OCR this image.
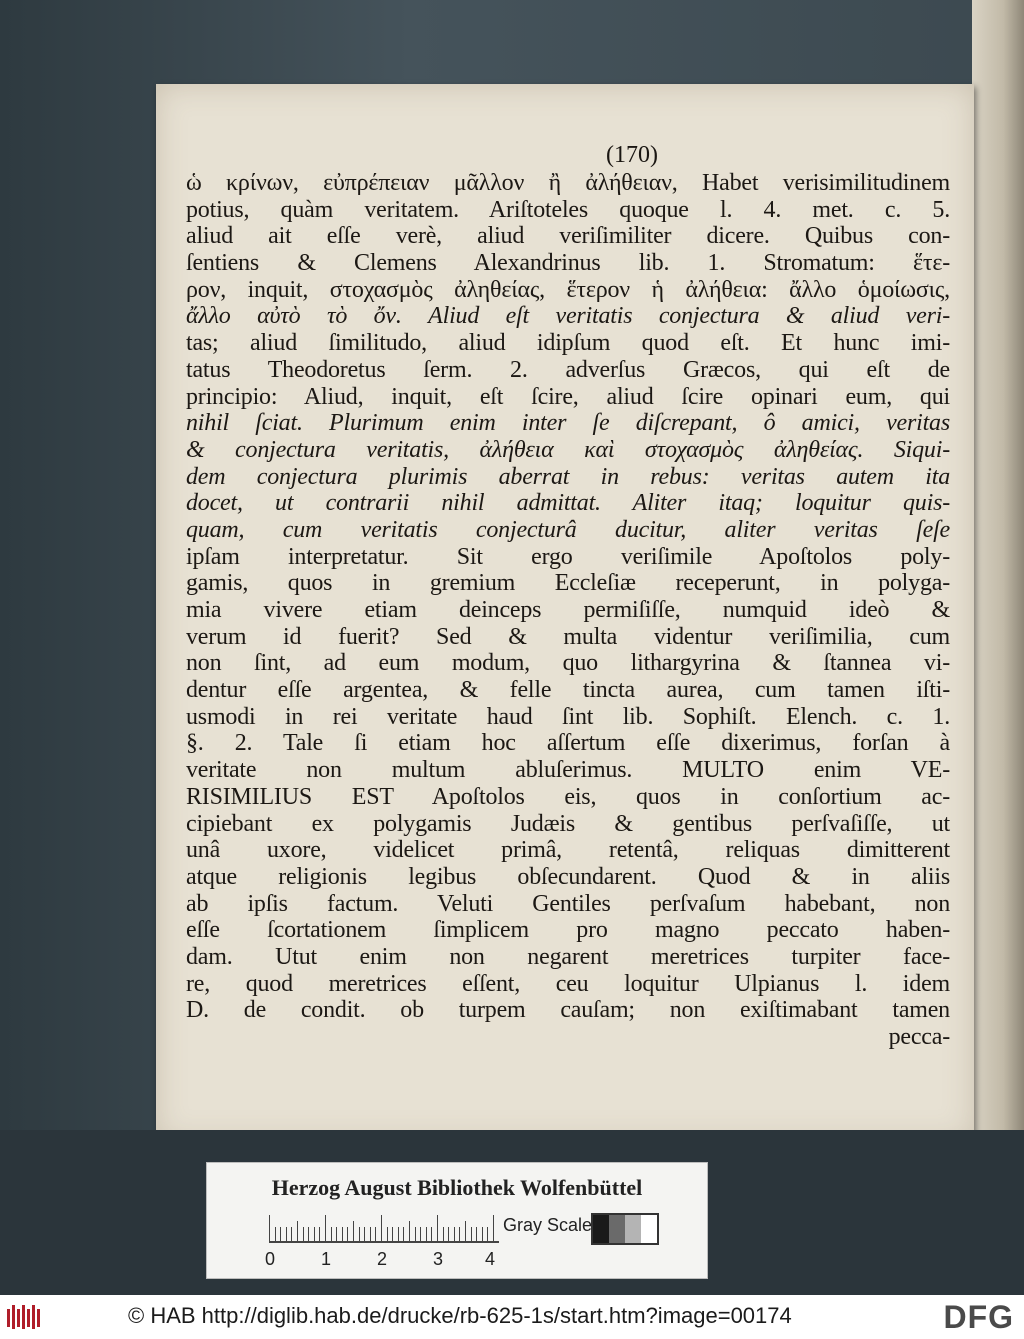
(170)
ὡ κρίνων, εὐπρέπειαν μᾶλλον ἢ ἀλήθειαν, Habet verisimilitudinem
potius, quàm veritatem. Ariſtoteles quoque l. 4. met. c. 5.
aliud ait eſſe verè, aliud veriſimiliter dicere. Quibus con-
ſentiens & Clemens Alexandrinus lib. 1. Stromatum: ἕτε-
ρον, inquit, στοχασμὸς ἀληθείας, ἕτερον ἡ ἀλήθεια: ἄλλο ὁμοίωσις,
ἄλλο αὐτὸ τὸ ὄν. Aliud eſt veritatis conjectura & aliud veri-
tas; aliud ſimilitudo, aliud idipſum quod eſt. Et hunc imi-
tatus Theodoretus ſerm. 2. adverſus Græcos, qui eſt de
principio: Aliud, inquit, eſt ſcire, aliud ſcire opinari eum, qui
nihil ſciat. Plurimum enim inter ſe diſcrepant, ô amici, veritas
& conjectura veritatis, ἀλήθεια καὶ στοχασμὸς ἀληθείας. Siqui-
dem conjectura plurimis aberrat in rebus: veritas autem ita
docet, ut contrarii nihil admittat. Aliter itaq; loquitur quis-
quam, cum veritatis conjecturâ ducitur, aliter veritas ſeſe
ipſam interpretatur. Sit ergo veriſimile Apoſtolos poly-
gamis, quos in gremium Eccleſiæ receperunt, in polyga-
mia vivere etiam deinceps permiſiſſe, numquid ideò &
verum id fuerit? Sed & multa videntur veriſimilia, cum
non ſint, ad eum modum, quo lithargyrina & ſtannea vi-
dentur eſſe argentea, & felle tincta aurea, cum tamen iſti-
usmodi in rei veritate haud ſint lib. Sophiſt. Elench. c. 1.
§. 2. Tale ſi etiam hoc aſſertum eſſe dixerimus, forſan à
veritate non multum abluſerimus. MULTO enim VE-
RISIMILIUS EST Apoſtolos eis, quos in conſortium ac-
cipiebant ex polygamis Judæis & gentibus perſvaſiſſe, ut
unâ uxore, videlicet primâ, retentâ, reliquas dimitterent
atque religionis legibus obſecundarent. Quod & in aliis
ab ipſis factum. Veluti Gentiles perſvaſum habebant, non
eſſe ſcortationem ſimplicem pro magno peccato haben-
dam. Utut enim non negarent meretrices turpiter face-
re, quod meretrices eſſent, ceu loquitur Ulpianus l. idem
D. de condit. ob turpem cauſam; non exiſtimabant tamen
pecca-
Herzog August Bibliothek Wolfenbüttel
0	1	2	3 4
Gray Scale
© HAB http://diglib.hab.de/drucke/rb-625-1s/start.htm?image=00174	DFG
